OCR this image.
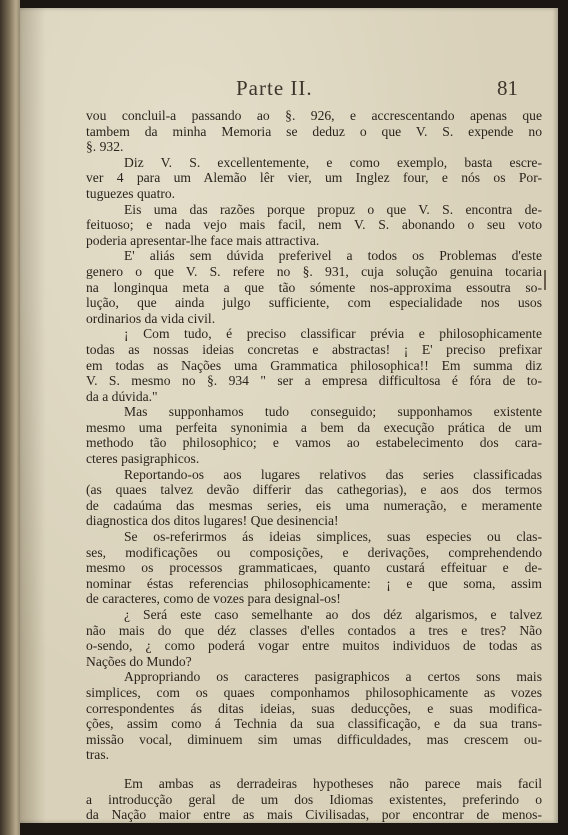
Parte II.	81
vou concluil-a passando ao §. 926, e accrescentando apenas que
tambem da minha Memoria se deduz o que V. S. expende no
§. 932.
Diz V. S. excellentemente, e como exemplo, basta escre-
ver 4 para um Alemão lêr vier, um Inglez four, e nós os Por-
tuguezes quatro.
Eis uma das razões porque propuz o que V. S. encontra de-
feituoso; e nada vejo mais facil, nem V. S. abonando o seu voto
poderia apresentar-lhe face mais attractiva.
E' aliás sem dúvida preferivel a todos os Problemas d'este
genero o que V. S. refere no §. 931, cuja solução genuina tocaria
na longinqua meta a que tão sómente nos-approxima essoutra so-
lução, que ainda julgo sufficiente, com especialidade nos usos
ordinarios da vida civil.
¡ Com tudo, é preciso classificar prévia e philosophicamente
todas as nossas ideias concretas e abstractas! ¡ E' preciso prefixar
em todas as Nações uma Grammatica philosophica!! Em summa diz
V. S. mesmo no §. 934 " ser a empresa difficultosa é fóra de to-
da a dúvida."
Mas supponhamos tudo conseguido; supponhamos existente
mesmo uma perfeita synonimia a bem da execução prática de um
methodo tão philosophico; e vamos ao estabelecimento dos cara-
cteres pasigraphicos.
Reportando-os aos lugares relativos das series classificadas
(as quaes talvez devão differir das cathegorias), e aos dos termos
de cadaúma das mesmas series, eis uma numeração, e meramente
diagnostica dos ditos lugares! Que desinencia!
Se os-referirmos ás ideias simplices, suas especies ou clas-
ses, modificações ou composições, e derivações, comprehendendo
mesmo os processos grammaticaes, quanto custará effeituar e de-
nominar éstas referencias philosophicamente: ¡ e que soma, assim
de caracteres, como de vozes para designal-os!
¿ Será este caso semelhante ao dos déz algarismos, e talvez
não mais do que déz classes d'elles contados a tres e tres? Não
o-sendo, ¿ como poderá vogar entre muitos individuos de todas as
Nações do Mundo?
Appropriando os caracteres pasigraphicos a certos sons mais
simplices, com os quaes componhamos philosophicamente as vozes
correspondentes ás ditas ideias, suas deducções, e suas modifica-
ções, assim como á Technia da sua classificação, e da sua trans-
missão vocal, diminuem sim umas difficuldades, mas crescem ou-
tras.
Em ambas as derradeiras hypotheses não parece mais facil
a introducção geral de um dos Idiomas existentes, preferindo o
da Nação maior entre as mais Civilisadas, por encontrar de menos-
